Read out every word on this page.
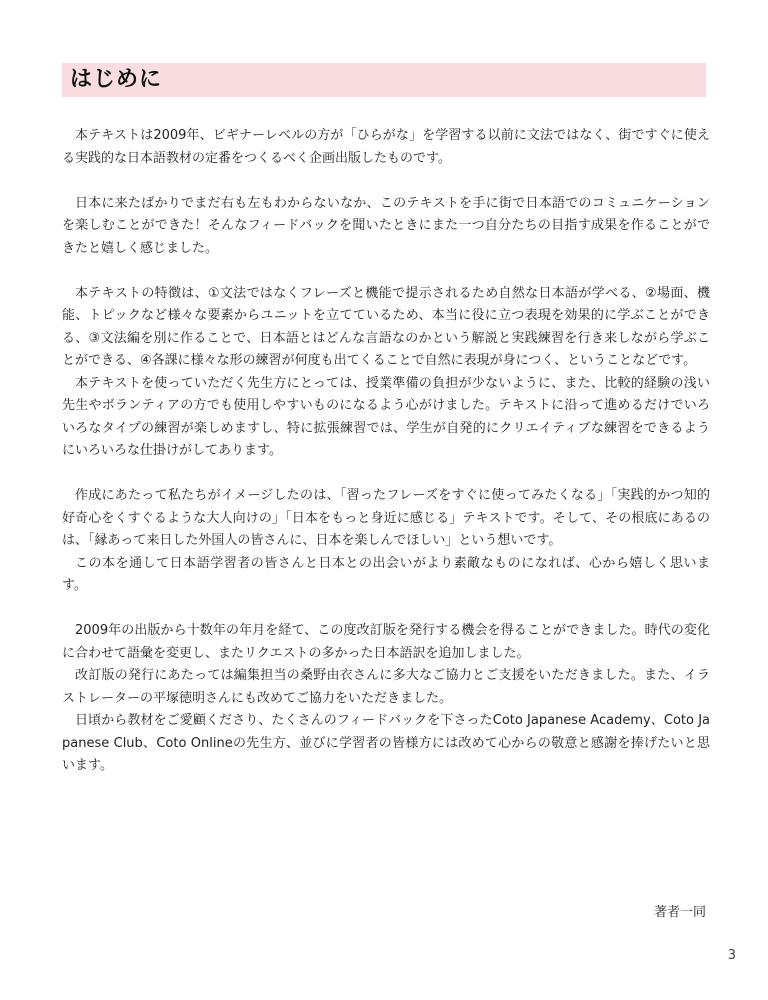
はじめに

本テキストは2009年、ビギナーレベルの方が「ひらがな」を学習する以前に文法ではなく、街ですぐに使える実践的な日本語教材の定番をつくるべく企画出版したものです。

日本に来たばかりでまだ右も左もわからないなか、このテキストを手に街で日本語でのコミュニケーションを楽しむことができた！そんなフィードバックを聞いたときにまた一つ自分たちの目指す成果を作ることができたと嬉しく感じました。

本テキストの特徴は、①文法ではなくフレーズと機能で提示されるため自然な日本語が学べる、②場面、機能、トピックなど様々な要素からユニットを立てているため、本当に役に立つ表現を効果的に学ぶことができる、③文法編を別に作ることで、日本語とはどんな言語なのかという解説と実践練習を行き来しながら学ぶことができる、④各課に様々な形の練習が何度も出てくることで自然に表現が身につく、ということなどです。

本テキストを使っていただく先生方にとっては、授業準備の負担が少ないように、また、比較的経験の浅い先生やボランティアの方でも使用しやすいものになるよう心がけました。テキストに沿って進めるだけでいろいろなタイプの練習が楽しめますし、特に拡張練習では、学生が自発的にクリエイティブな練習をできるようにいろいろな仕掛けがしてあります。

作成にあたって私たちがイメージしたのは、「習ったフレーズをすぐに使ってみたくなる」「実践的かつ知的好奇心をくすぐるような大人向けの」「日本をもっと身近に感じる」テキストです。そして、その根底にあるのは、「縁あって来日した外国人の皆さんに、日本を楽しんでほしい」という想いです。

この本を通して日本語学習者の皆さんと日本との出会いがより素敵なものになれば、心から嬉しく思います。

2009年の出版から十数年の年月を経て、この度改訂版を発行する機会を得ることができました。時代の変化に合わせて語彙を変更し、またリクエストの多かった日本語訳を追加しました。

改訂版の発行にあたっては編集担当の桑野由衣さんに多大なご協力とご支援をいただきました。また、イラストレーターの平塚徳明さんにも改めてご協力をいただきました。

日頃から教材をご愛顧くださり、たくさんのフィードバックを下さったCoto Japanese Academy、Coto Japanese Club、Coto Onlineの先生方、並びに学習者の皆様方には改めて心からの敬意と感謝を捧げたいと思います。

著者一同
3
